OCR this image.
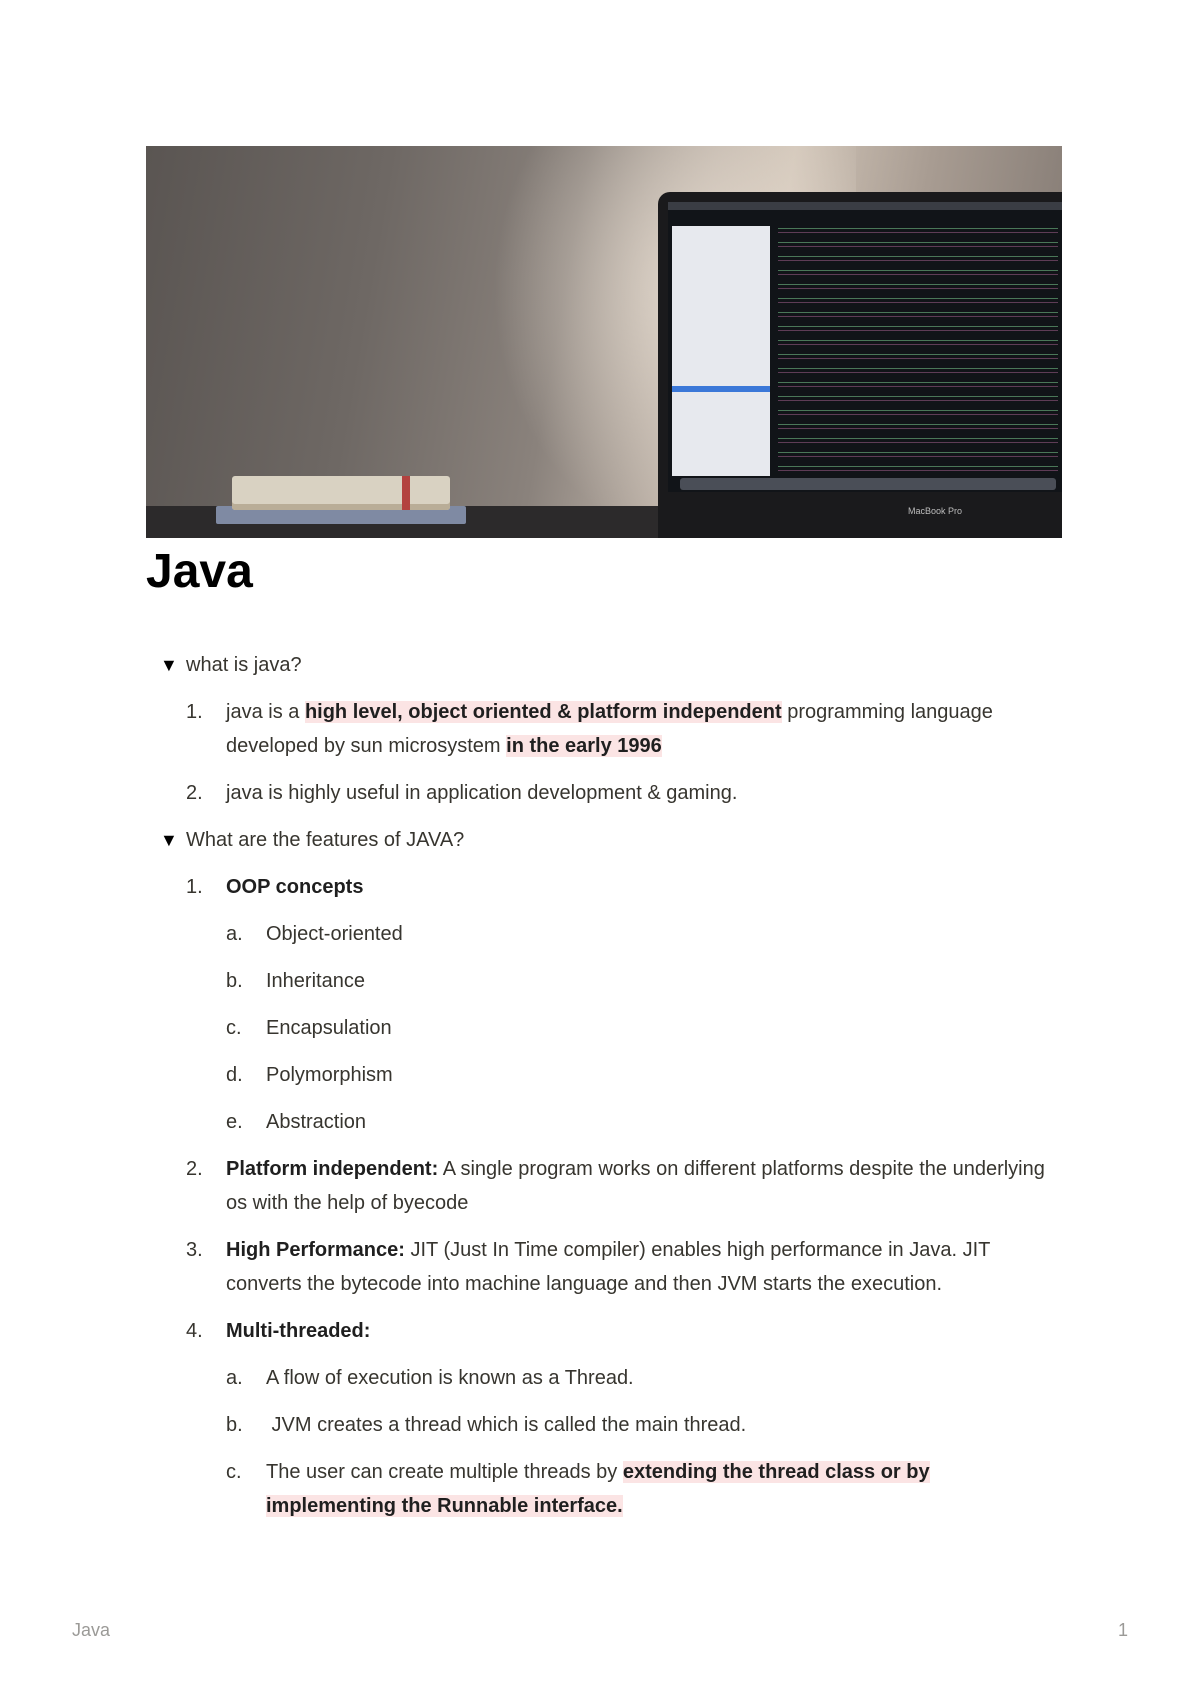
MacBook Pro
Java
▼ what is java?
1.	java is a high level, object oriented & platform independent programming language developed by sun microsystem in the early 1996
2.	java is highly useful in application development & gaming.
▼ What are the features of JAVA?
1.	OOP concepts
a.	Object-oriented
b.	Inheritance
c.	Encapsulation
d.	Polymorphism
e.	Abstraction
2.	Platform independent: A single program works on different platforms despite the underlying os with the help of byecode
3.	High Performance: JIT (Just In Time compiler) enables high performance in Java. JIT converts the bytecode into machine language and then JVM starts the execution.
4.	Multi-threaded:
a.	A flow of execution is known as a Thread.
b.	JVM creates a thread which is called the main thread.
c.	The user can create multiple threads by extending the thread class or by implementing the Runnable interface.
Java	1
